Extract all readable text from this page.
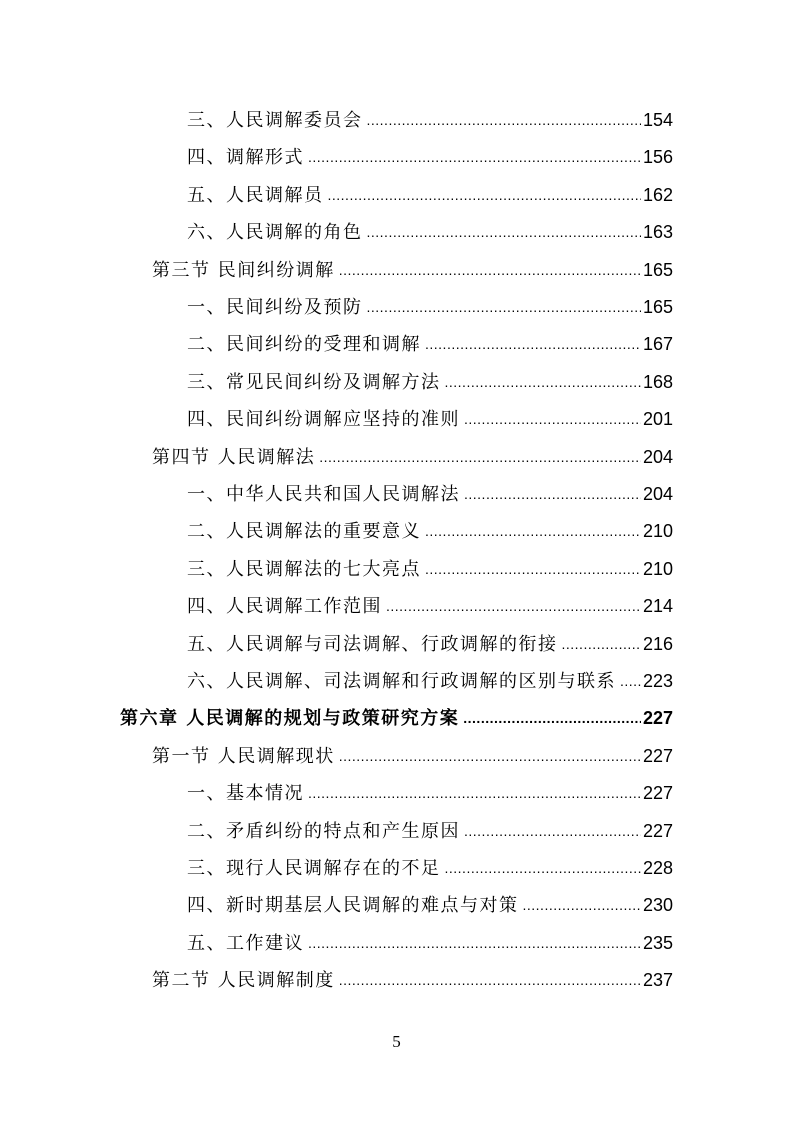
三、人民调解委员会 .....	154
四、调解形式 .....	156
五、人民调解员 .....	162
六、人民调解的角色 .....	163
第三节 民间纠纷调解 .....	165
一、民间纠纷及预防 .....	165
二、民间纠纷的受理和调解 .....	167
三、常见民间纠纷及调解方法 .....	168
四、民间纠纷调解应坚持的准则 .....	201
第四节 人民调解法 .....	204
一、中华人民共和国人民调解法 .....	204
二、人民调解法的重要意义 .....	210
三、人民调解法的七大亮点 .....	210
四、人民调解工作范围 .....	214
五、人民调解与司法调解、行政调解的衔接 .....	216
六、人民调解、司法调解和行政调解的区别与联系 ..... 223
第六章 人民调解的规划与政策研究方案 .....	227
第一节 人民调解现状 .....	227
一、基本情况 .....	227
二、矛盾纠纷的特点和产生原因 .....	227
三、现行人民调解存在的不足 .....	228
四、新时期基层人民调解的难点与对策 .....	230
五、工作建议 .....	235
第二节 人民调解制度 .....	237
5
